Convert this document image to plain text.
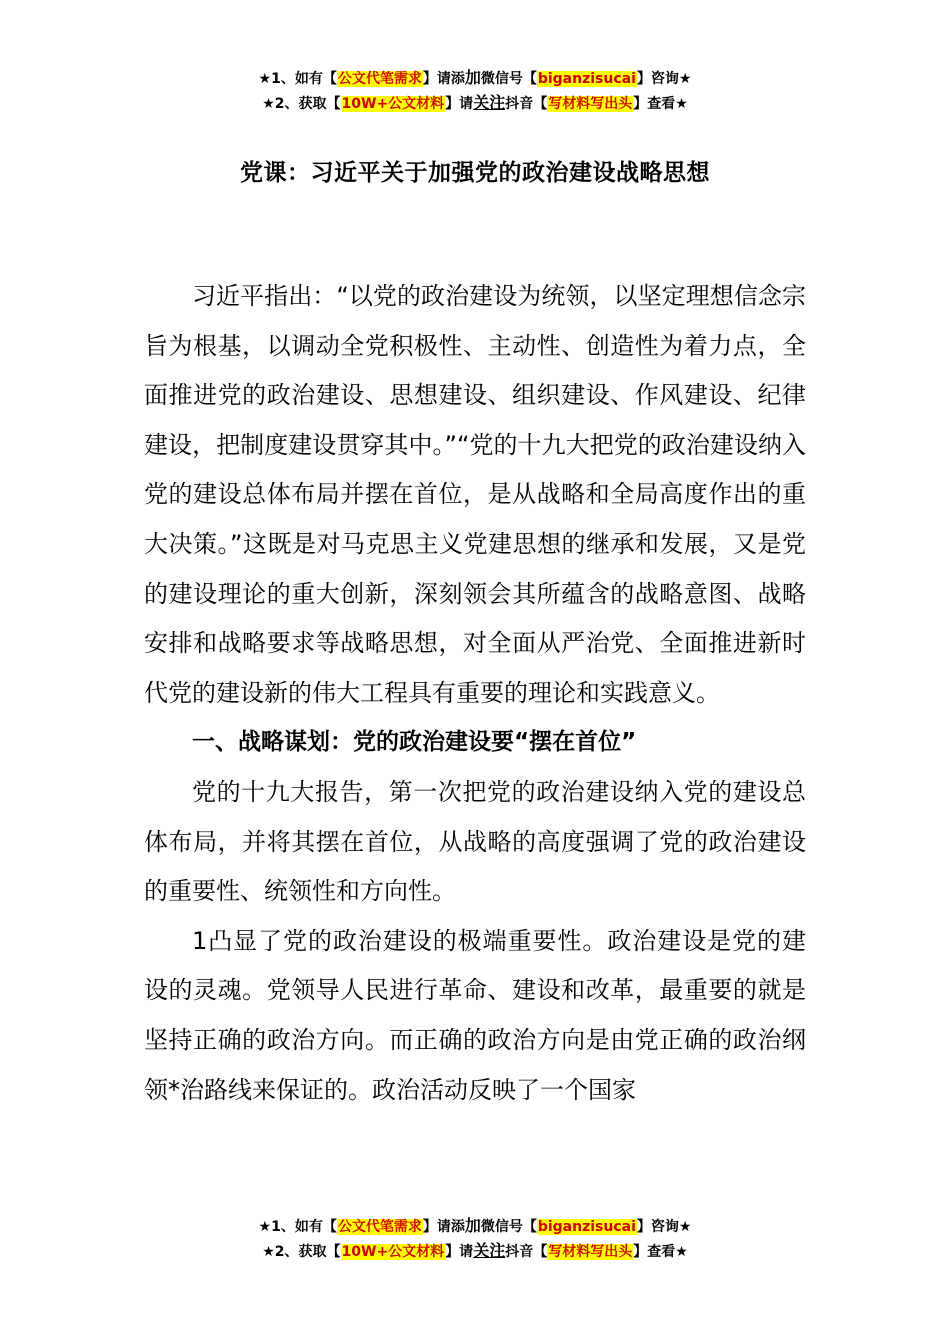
★1、如有【公文代笔需求】请添加微信号【biganzisucai】咨询★
★2、获取【10W+公文材料】请关注抖音【写材料写出头】查看★
党课：习近平关于加强党的政治建设战略思想

习近平指出：“以党的政治建设为统领，以坚定理想信念宗旨为根基，以调动全党积极性、主动性、创造性为着力点，全面推进党的政治建设、思想建设、组织建设、作风建设、纪律建设，把制度建设贯穿其中。”“党的十九大把党的政治建设纳入党的建设总体布局并摆在首位，是从战略和全局高度作出的重大决策。”这既是对马克思主义党建思想的继承和发展，又是党的建设理论的重大创新，深刻领会其所蕴含的战略意图、战略安排和战略要求等战略思想，对全面从严治党、全面推进新时代党的建设新的伟大工程具有重要的理论和实践意义。

一、战略谋划：党的政治建设要“摆在首位”

党的十九大报告，第一次把党的政治建设纳入党的建设总体布局，并将其摆在首位，从战略的高度强调了党的政治建设的重要性、统领性和方向性。

1凸显了党的政治建设的极端重要性。政治建设是党的建设的灵魂。党领导人民进行革命、建设和改革，最重要的就是坚持正确的政治方向。而正确的政治方向是由党正确的政治纲领*治路线来保证的。政治活动反映了一个国家

★1、如有【公文代笔需求】请添加微信号【biganzisucai】咨询★
★2、获取【10W+公文材料】请关注抖音【写材料写出头】查看★
